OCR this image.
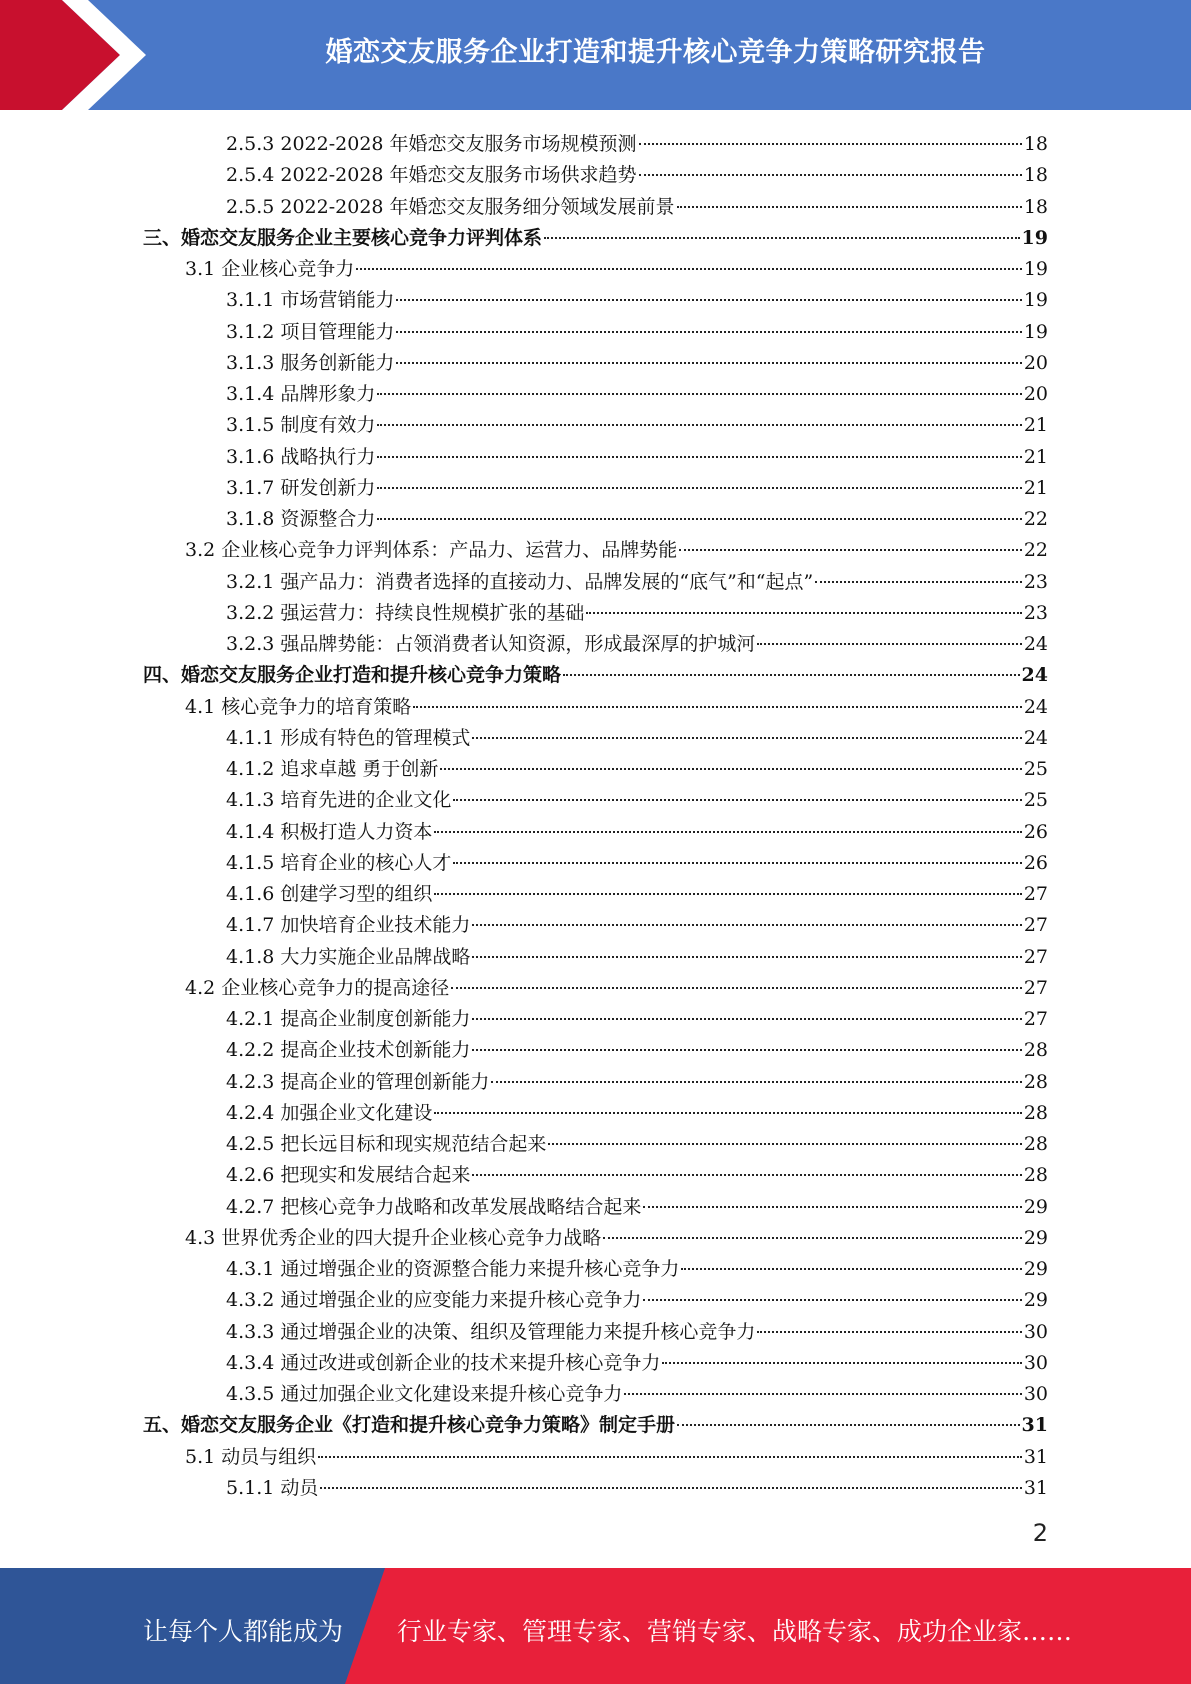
婚恋交友服务企业打造和提升核心竞争力策略研究报告
2.5.3 2022-2028 年婚恋交友服务市场规模预测	18
2.5.4 2022-2028 年婚恋交友服务市场供求趋势	18
2.5.5 2022-2028 年婚恋交友服务细分领域发展前景	18
三、婚恋交友服务企业主要核心竞争力评判体系	19
3.1 企业核心竞争力	19
3.1.1 市场营销能力	19
3.1.2 项目管理能力	19
3.1.3 服务创新能力	20
3.1.4 品牌形象力	20
3.1.5 制度有效力	21
3.1.6 战略执行力	21
3.1.7 研发创新力	21
3.1.8 资源整合力	22
3.2 企业核心竞争力评判体系：产品力、运营力、品牌势能	22
3.2.1 强产品力：消费者选择的直接动力、品牌发展的“底气”和“起点”	23
3.2.2 强运营力：持续良性规模扩张的基础	23
3.2.3 强品牌势能：占领消费者认知资源，形成最深厚的护城河	24
四、婚恋交友服务企业打造和提升核心竞争力策略	24
4.1 核心竞争力的培育策略	24
4.1.1 形成有特色的管理模式	24
4.1.2 追求卓越 勇于创新	25
4.1.3 培育先进的企业文化	25
4.1.4 积极打造人力资本	26
4.1.5 培育企业的核心人才	26
4.1.6 创建学习型的组织	27
4.1.7 加快培育企业技术能力	27
4.1.8 大力实施企业品牌战略	27
4.2 企业核心竞争力的提高途径	27
4.2.1 提高企业制度创新能力	27
4.2.2 提高企业技术创新能力	28
4.2.3 提高企业的管理创新能力	28
4.2.4 加强企业文化建设	28
4.2.5 把长远目标和现实规范结合起来	28
4.2.6 把现实和发展结合起来	28
4.2.7 把核心竞争力战略和改革发展战略结合起来	29
4.3 世界优秀企业的四大提升企业核心竞争力战略	29
4.3.1 通过增强企业的资源整合能力来提升核心竞争力	29
4.3.2 通过增强企业的应变能力来提升核心竞争力	29
4.3.3 通过增强企业的决策、组织及管理能力来提升核心竞争力	30
4.3.4 通过改进或创新企业的技术来提升核心竞争力	30
4.3.5 通过加强企业文化建设来提升核心竞争力	30
五、婚恋交友服务企业《打造和提升核心竞争力策略》制定手册	31
5.1 动员与组织	31
5.1.1 动员	31
2
让每个人都能成为 行业专家、管理专家、营销专家、战略专家、成功企业家……
